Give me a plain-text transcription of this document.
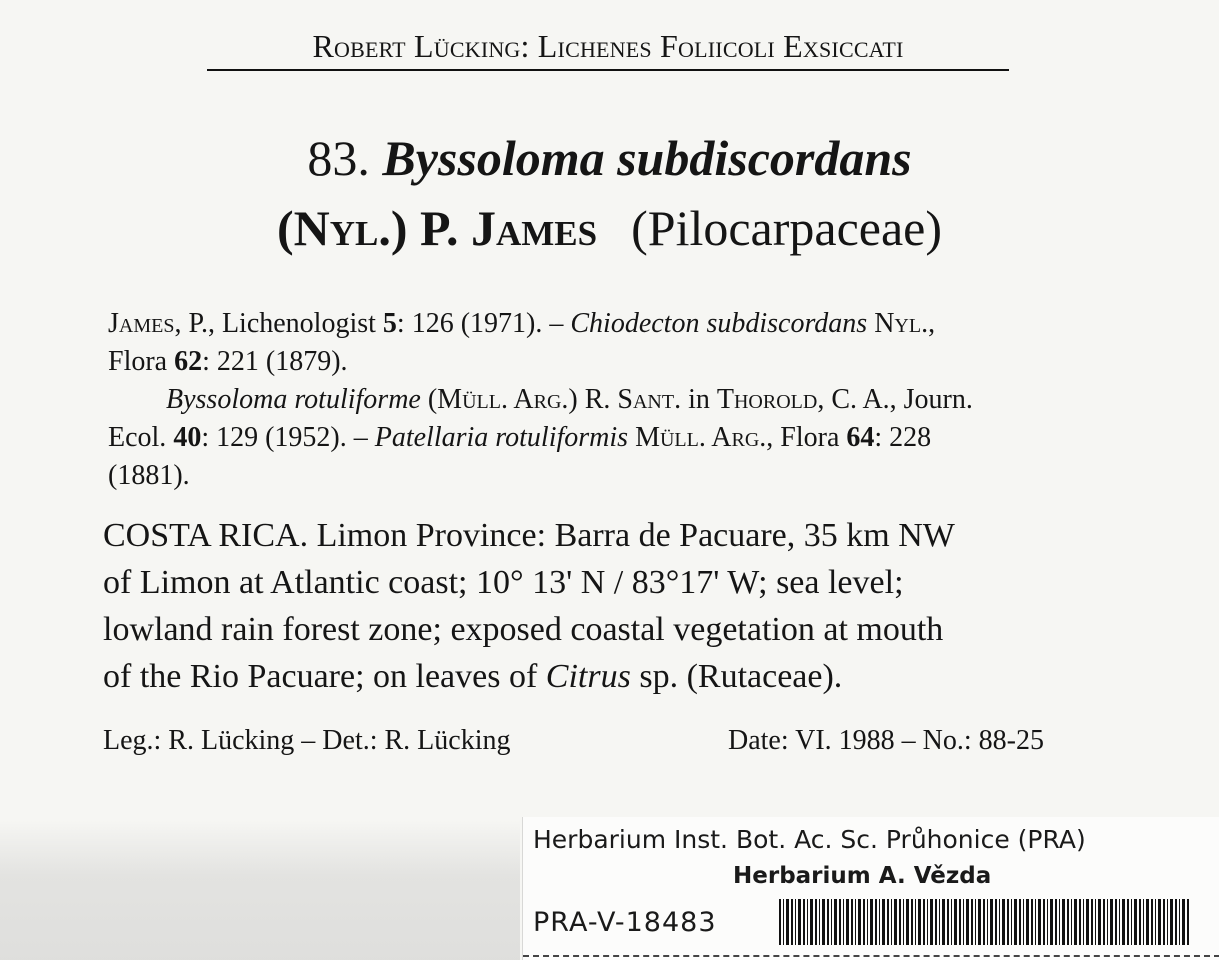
Robert Lücking: Lichenes Foliicoli Exsiccati
83. Byssoloma subdiscordans
(Nyl.) P. James (Pilocarpaceae)

James, P., Lichenologist 5: 126 (1971). – Chiodecton subdiscordans Nyl.,
Flora 62: 221 (1879).

Byssoloma rotuliforme (Müll. Arg.) R. Sant. in Thorold, C. A., Journ.

Ecol. 40: 129 (1952). – Patellaria rotuliformis Müll. Arg., Flora 64: 228
(1881).

COSTA RICA. Limon Province: Barra de Pacuare, 35 km NW
of Limon at Atlantic coast; 10° 13' N / 83°17' W; sea level;
lowland rain forest zone; exposed coastal vegetation at mouth
of the Rio Pacuare; on leaves of Citrus sp. (Rutaceae).
Leg.: R. Lücking – Det.: R. Lücking	Date: VI. 1988 – No.: 88-25
Herbarium Inst. Bot. Ac. Sc. Průhonice (PRA)
Herbarium A. Vězda
PRA-V-18483
